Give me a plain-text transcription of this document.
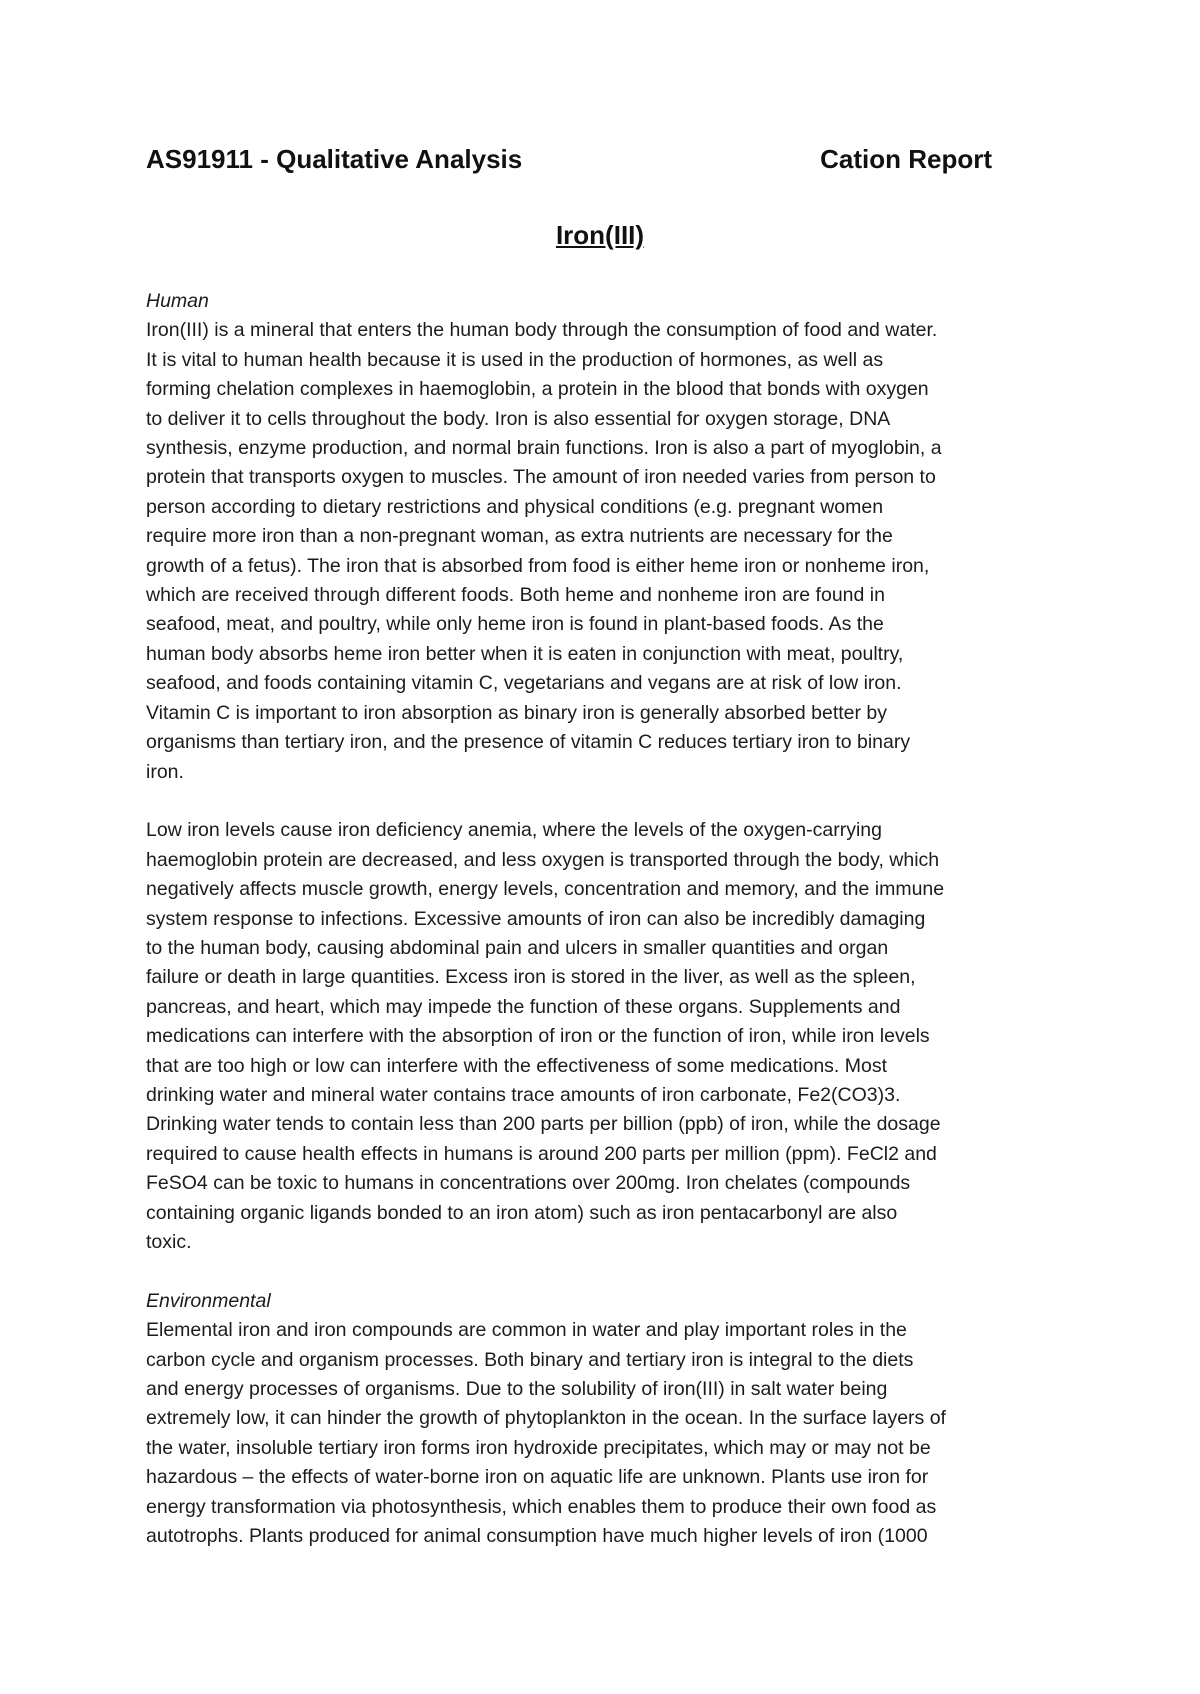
AS91911 - Qualitative Analysis	Cation Report
Iron(III)

Human

Iron(III) is a mineral that enters the human body through the consumption of food and water.

It is vital to human health because it is used in the production of hormones, as well as

forming chelation complexes in haemoglobin, a protein in the blood that bonds with oxygen

to deliver it to cells throughout the body. Iron is also essential for oxygen storage, DNA

synthesis, enzyme production, and normal brain functions. Iron is also a part of myoglobin, a

protein that transports oxygen to muscles. The amount of iron needed varies from person to

person according to dietary restrictions and physical conditions (e.g. pregnant women

require more iron than a non-pregnant woman, as extra nutrients are necessary for the

growth of a fetus). The iron that is absorbed from food is either heme iron or nonheme iron,

which are received through different foods. Both heme and nonheme iron are found in

seafood, meat, and poultry, while only heme iron is found in plant-based foods. As the

human body absorbs heme iron better when it is eaten in conjunction with meat, poultry,

seafood, and foods containing vitamin C, vegetarians and vegans are at risk of low iron.

Vitamin C is important to iron absorption as binary iron is generally absorbed better by

organisms than tertiary iron, and the presence of vitamin C reduces tertiary iron to binary

iron.

Low iron levels cause iron deficiency anemia, where the levels of the oxygen-carrying

haemoglobin protein are decreased, and less oxygen is transported through the body, which

negatively affects muscle growth, energy levels, concentration and memory, and the immune

system response to infections. Excessive amounts of iron can also be incredibly damaging

to the human body, causing abdominal pain and ulcers in smaller quantities and organ

failure or death in large quantities. Excess iron is stored in the liver, as well as the spleen,

pancreas, and heart, which may impede the function of these organs. Supplements and

medications can interfere with the absorption of iron or the function of iron, while iron levels

that are too high or low can interfere with the effectiveness of some medications. Most

drinking water and mineral water contains trace amounts of iron carbonate, Fe2(CO3)3.

Drinking water tends to contain less than 200 parts per billion (ppb) of iron, while the dosage

required to cause health effects in humans is around 200 parts per million (ppm). FeCl2 and

FeSO4 can be toxic to humans in concentrations over 200mg. Iron chelates (compounds

containing organic ligands bonded to an iron atom) such as iron pentacarbonyl are also

toxic.

Environmental

Elemental iron and iron compounds are common in water and play important roles in the

carbon cycle and organism processes. Both binary and tertiary iron is integral to the diets

and energy processes of organisms. Due to the solubility of iron(III) in salt water being

extremely low, it can hinder the growth of phytoplankton in the ocean. In the surface layers of

the water, insoluble tertiary iron forms iron hydroxide precipitates, which may or may not be

hazardous – the effects of water-borne iron on aquatic life are unknown. Plants use iron for

energy transformation via photosynthesis, which enables them to produce their own food as

autotrophs. Plants produced for animal consumption have much higher levels of iron (1000
